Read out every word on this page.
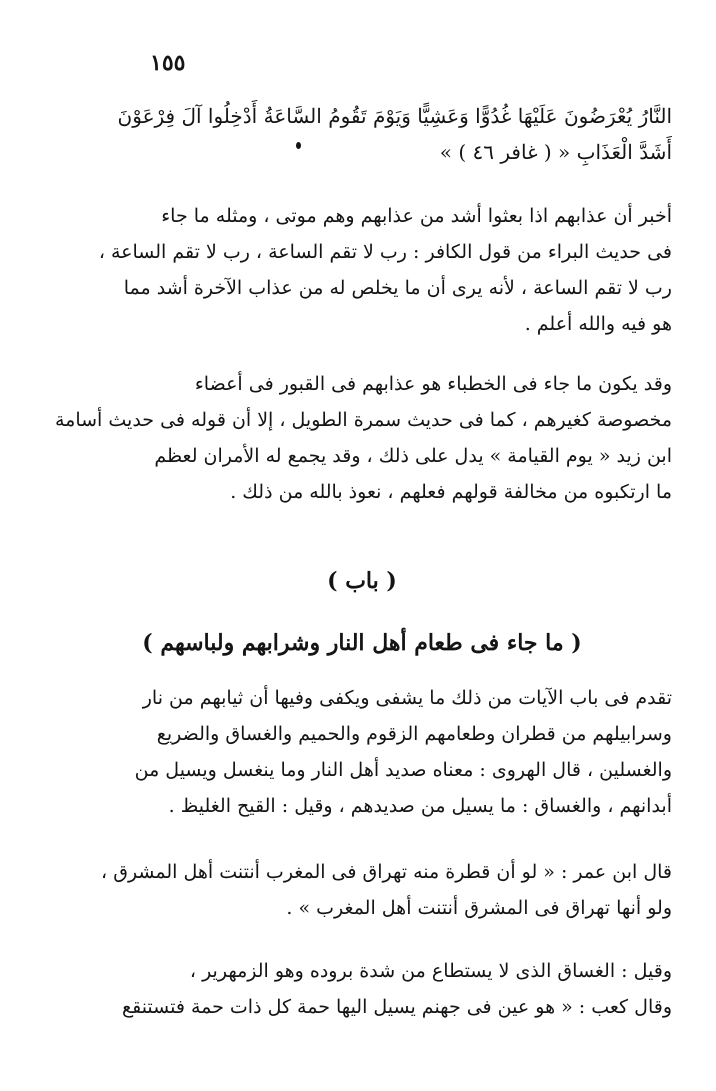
١٥٥
النَّارُ يُعْرَضُونَ عَلَيْهَا غُدُوًّا وَعَشِيًّا وَيَوْمَ تَقُومُ السَّاعَةُ أَدْخِلُوا آلَ فِرْعَوْنَ
أَشَدَّ الْعَذَابِ « ( غافر ٤٦ ) »
أخبر أن عذابهم اذا بعثوا أشد من عذابهم وهم موتى ، ومثله ما جاء
فى حديث البراء من قول الكافر : رب لا تقم الساعة ، رب لا تقم الساعة ،
رب لا تقم الساعة ، لأنه يرى أن ما يخلص له من عذاب الآخرة أشد مما
هو فيه والله أعلم .
وقد يكون ما جاء فى الخطباء هو عذابهم فى القبور فى أعضاء
مخصوصة كغيرهم ، كما فى حديث سمرة الطويل ، إلا أن قوله فى حديث أسامة
ابن زيد « يوم القيامة » يدل على ذلك ، وقد يجمع له الأمران لعظم
ما ارتكبوه من مخالفة قولهم فعلهم ، نعوذ بالله من ذلك .
( باب )
( ما جاء فى طعام أهل النار وشرابهم ولباسهم )
تقدم فى باب الآيات من ذلك ما يشفى ويكفى وفيها أن ثيابهم من نار
وسرابيلهم من قطران وطعامهم الزقوم والحميم والغساق والضريع
والغسلين ، قال الهروى : معناه صديد أهل النار وما ينغسل ويسيل من
أبدانهم ، والغساق : ما يسيل من صديدهم ، وقيل : القيح الغليظ .
قال ابن عمر : « لو أن قطرة منه تهراق فى المغرب أنتنت أهل المشرق ،
ولو أنها تهراق فى المشرق أنتنت أهل المغرب » .
وقيل : الغساق الذى لا يستطاع من شدة بروده وهو الزمهرير ،
وقال كعب : « هو عين فى جهنم يسيل اليها حمة كل ذات حمة فتستنقع
